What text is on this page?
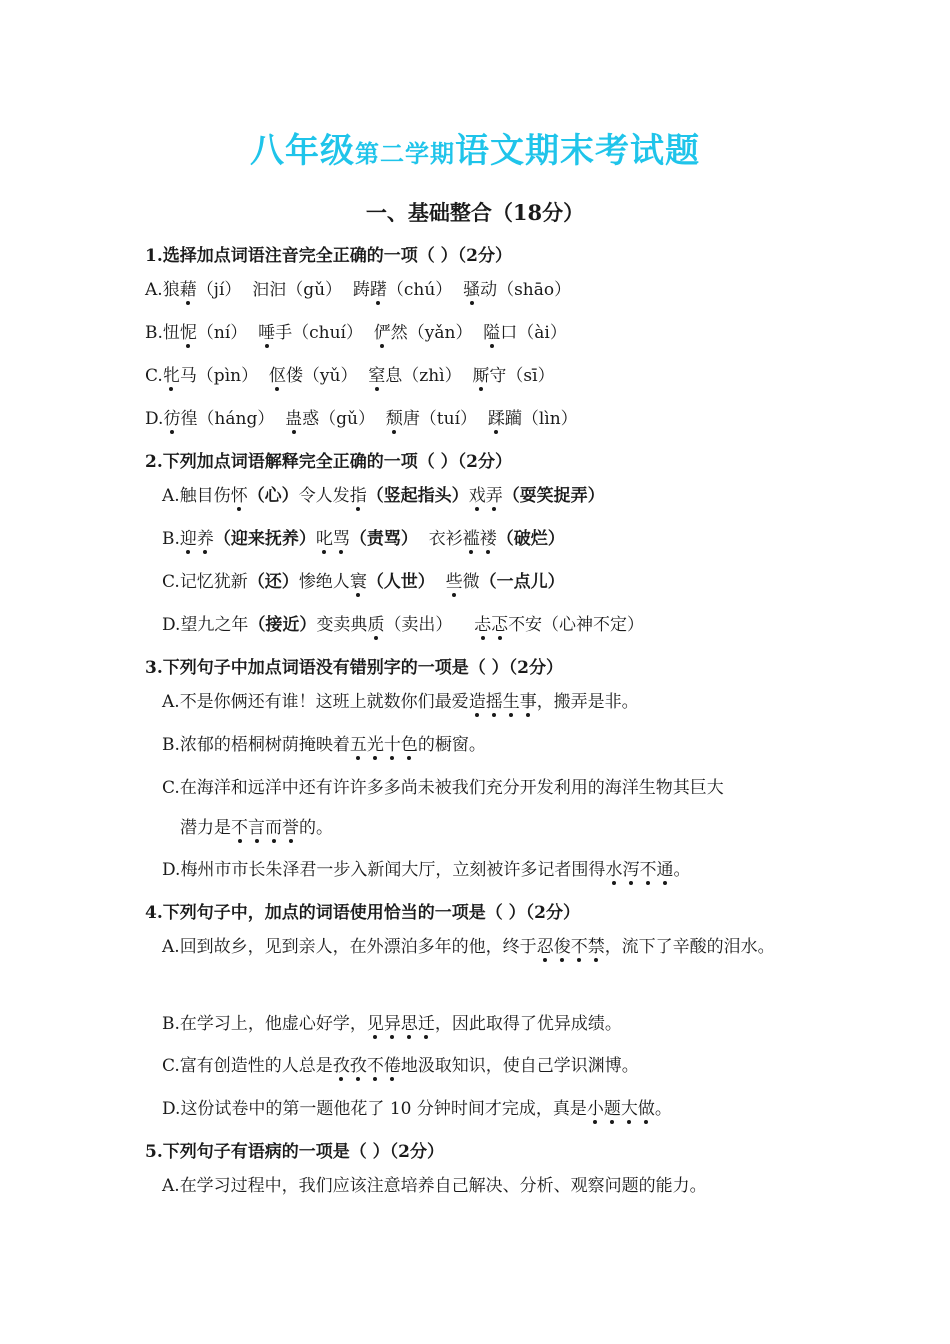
八年级第二学期语文期末考试题
一、基础整合（18分）
1.选择加点词语注音完全正确的一项（ ）（2分）
A.狼藉（jí）  汩汩（gǔ）  踌躇（chú）  骚动（shāo）
B.忸怩（ní）  唾手（chuí）  俨然（yǎn）  隘口（ài）
C.牝马（pìn）  伛偻（yǔ）  窒息（zhì）  厮守（sī）
D.彷徨（háng）  蛊惑（gǔ）  颓唐（tuí）  蹂躏（lìn）
2.下列加点词语解释完全正确的一项（ ）（2分）
A.触目伤怀（心）令人发指（竖起指头）戏弄（耍笑捉弄）
B.迎养（迎来抚养）叱骂（责骂）  衣衫褴褛（破烂）
C.记忆犹新（还）惨绝人寰（人世） 些微（一点儿）
D.望九之年（接近）变卖典质（卖出） 忐忑不安（心神不定）
3.下列句子中加点词语没有错别字的一项是（ ）（2分）
A.不是你俩还有谁！这班上就数你们最爱造摇生事，搬弄是非。
B.浓郁的梧桐树荫掩映着五光十色的橱窗。
C.在海洋和远洋中还有许许多多尚未被我们充分开发利用的海洋生物其巨大
潜力是不言而誉的。
D.梅州市市长朱泽君一步入新闻大厅，立刻被许多记者围得水泻不通。
4.下列句子中，加点的词语使用恰当的一项是（ ）（2分）
A.回到故乡，见到亲人，在外漂泊多年的他，终于忍俊不禁，流下了辛酸的泪水。
B.在学习上，他虚心好学，见异思迁，因此取得了优异成绩。
C.富有创造性的人总是孜孜不倦地汲取知识，使自己学识渊博。
D.这份试卷中的第一题他花了 10 分钟时间才完成，真是小题大做。
5.下列句子有语病的一项是（ ）（2分）
A.在学习过程中，我们应该注意培养自己解决、分析、观察问题的能力。
